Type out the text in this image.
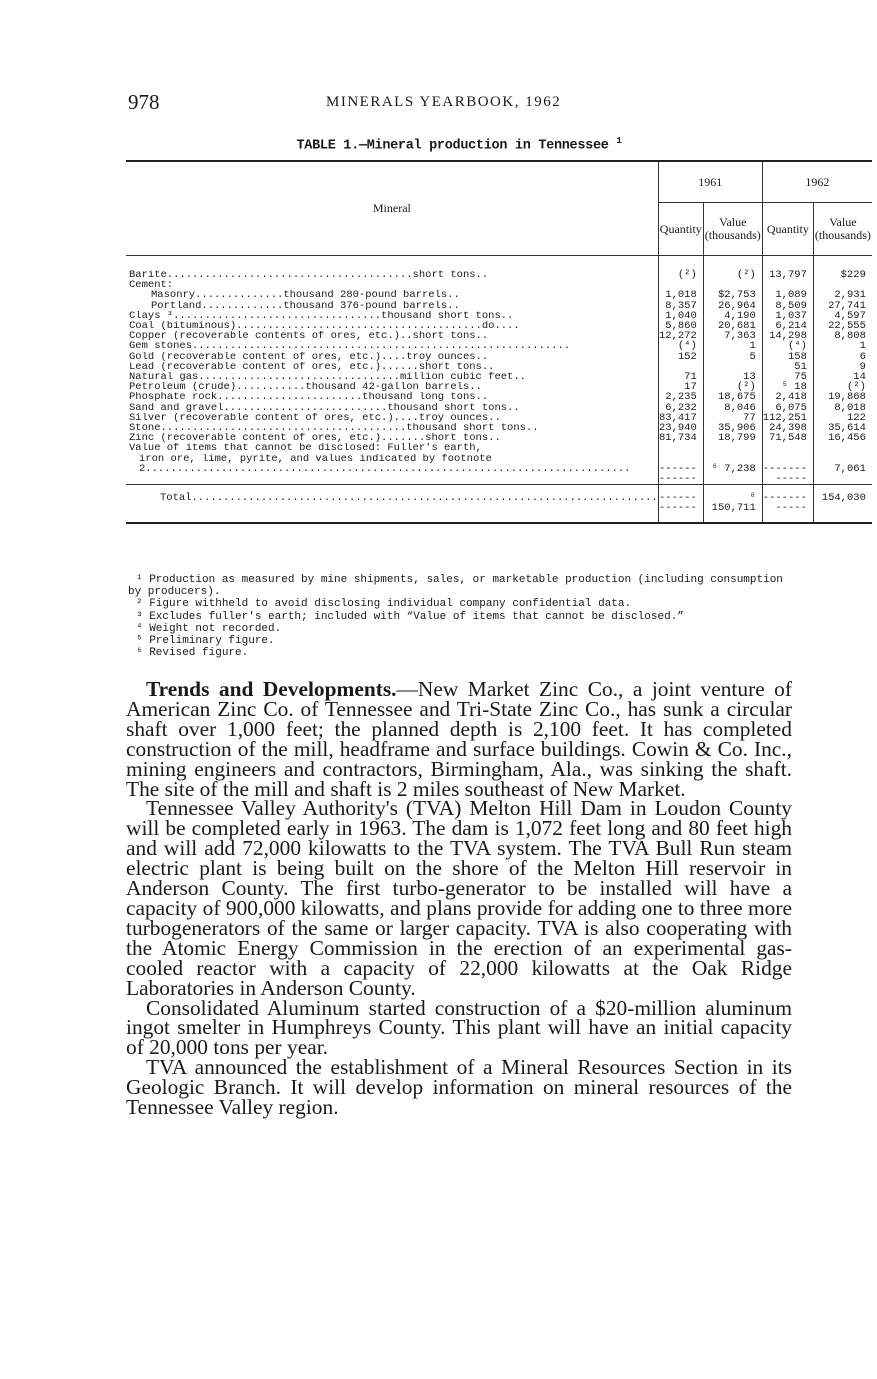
978	MINERALS YEARBOOK, 1962
TABLE 1.—Mineral production in Tennessee $^1$
Mineral	1961		1962	
	Quantity	Value (thousands)	Quantity	Value (thousands)

Barite.......................................short tons..	(²)	(²)	13,797	$229
Cement:				
Masonry..............thousand 280-pound barrels..	1,018	$2,753	1,089	2,931
Portland.............thousand 376-pound barrels..	8,357	26,964	8,509	27,741
Clays ³.................................thousand short tons..	1,040	4,190	1,037	4,597
Coal (bituminous).......................................do....	5,860	20,681	6,214	22,555
Copper (recoverable contents of ores, etc.)..short tons..	12,272	7,363	14,298	8,808
Gem stones............................................................	(⁴)	1	(⁴)	1
Gold (recoverable content of ores, etc.)....troy ounces..	152	5	158	6
Lead (recoverable content of ores, etc.)......short tons..			51	9
Natural gas................................million cubic feet..	71	13	75	14
Petroleum (crude)...........thousand 42-gallon barrels..	17	(²)	⁵ 18	(²)
Phosphate rock.......................thousand long tons..	2,235	18,675	2,418	19,868
Sand and gravel..........................thousand short tons..	6,232	8,046	6,075	8,018
Silver (recoverable content of ores, etc.)....troy ounces..	83,417	77	112,251	122
Stone.......................................thousand short tons..	23,940	35,906	24,398	35,614
Zinc (recoverable content of ores, etc.).......short tons..	81,734	18,799	71,548	16,456
Value of items that cannot be disclosed: Fuller's earth,				
iron ore, lime, pyrite, and values indicated by footnote				
2.............................................................................	------------	⁶ 7,238	------------	7,061
Total..........................................................................	------------	⁶ 150,711	------------	154,030
¹ Production as measured by mine shipments, sales, or marketable production (including consumption by producers).
² Figure withheld to avoid disclosing individual company confidential data.
³ Excludes fuller's earth; included with “Value of items that cannot be disclosed.”
⁴ Weight not recorded.
⁵ Preliminary figure.
⁶ Revised figure.

Trends and Developments.—New Market Zinc Co., a joint venture of American Zinc Co. of Tennessee and Tri-State Zinc Co., has sunk a circular shaft over 1,000 feet; the planned depth is 2,100 feet. It has completed construction of the mill, headframe and surface buildings. Cowin & Co. Inc., mining engineers and contractors, Birmingham, Ala., was sinking the shaft. The site of the mill and shaft is 2 miles southeast of New Market.

Tennessee Valley Authority's (TVA) Melton Hill Dam in Loudon County will be completed early in 1963. The dam is 1,072 feet long and 80 feet high and will add 72,000 kilowatts to the TVA system. The TVA Bull Run steam electric plant is being built on the shore of the Melton Hill reservoir in Anderson County. The first turbo-generator to be installed will have a capacity of 900,000 kilowatts, and plans provide for adding one to three more turbogenerators of the same or larger capacity. TVA is also cooperating with the Atomic Energy Commission in the erection of an experimental gas-cooled reactor with a capacity of 22,000 kilowatts at the Oak Ridge Laboratories in Anderson County.

Consolidated Aluminum started construction of a $20-million aluminum ingot smelter in Humphreys County. This plant will have an initial capacity of 20,000 tons per year.

TVA announced the establishment of a Mineral Resources Section in its Geologic Branch. It will develop information on mineral resources of the Tennessee Valley region.
